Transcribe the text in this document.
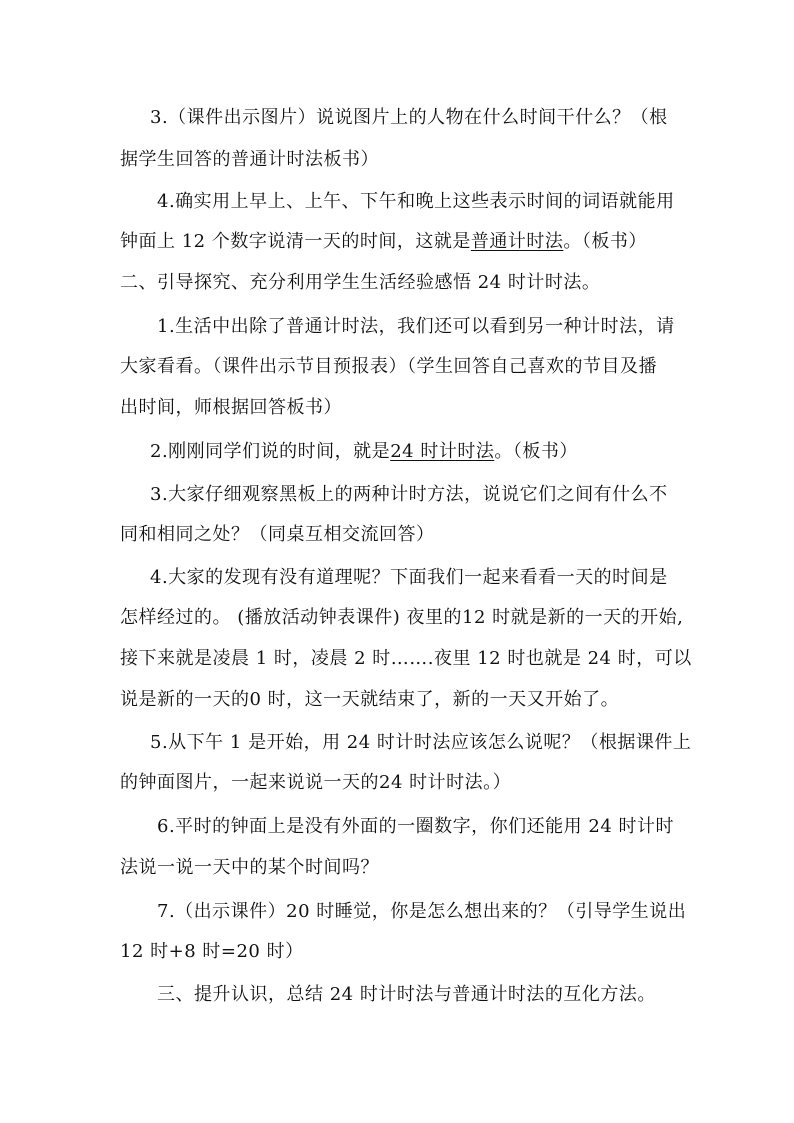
3.（课件出示图片）说说图片上的人物在什么时间干什么？（根
据学生回答的普通计时法板书）
4.确实用上早上、上午、下午和晚上这些表示时间的词语就能用
钟面上 12 个数字说清一天的时间，这就是普通计时法。（板书）
二、引导探究、充分利用学生生活经验感悟 24 时计时法。
1.生活中出除了普通计时法，我们还可以看到另一种计时法，请
大家看看。（课件出示节目预报表）（学生回答自己喜欢的节目及播
出时间，师根据回答板书）
2.刚刚同学们说的时间，就是24 时计时法。（板书）
3.大家仔细观察黑板上的两种计时方法，说说它们之间有什么不
同和相同之处？（同桌互相交流回答）
4.大家的发现有没有道理呢？下面我们一起来看看一天的时间是
怎样经过的。 (播放活动钟表课件) 夜里的12 时就是新的一天的开始,
接下来就是凌晨 1 时，凌晨 2 时…….夜里 12 时也就是 24 时，可以
说是新的一天的0 时，这一天就结束了，新的一天又开始了。
5.从下午 1 是开始，用 24 时计时法应该怎么说呢？（根据课件上
的钟面图片，一起来说说一天的24 时计时法。）
6.平时的钟面上是没有外面的一圈数字，你们还能用 24 时计时
法说一说一天中的某个时间吗？
7.（出示课件）20 时睡觉，你是怎么想出来的？（引导学生说出
12 时+8 时=20 时）
三、提升认识，总结 24 时计时法与普通计时法的互化方法。
